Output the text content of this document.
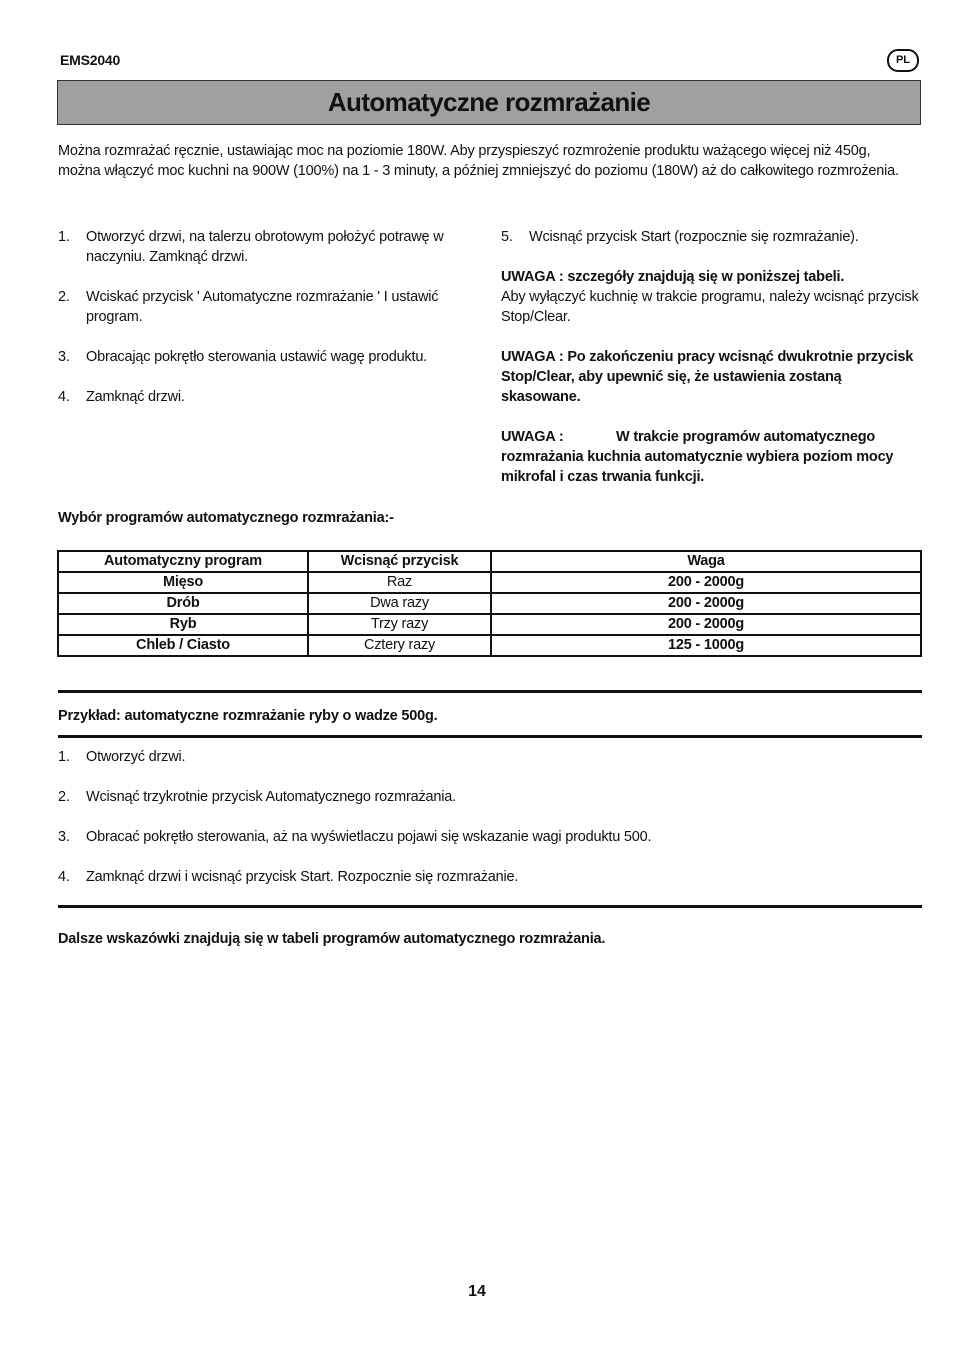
EMS2040	PL
Automatyczne rozmrażanie
Można rozmrażać ręcznie, ustawiając moc na poziomie 180W. Aby przyspieszyć rozmrożenie produktu ważącego więcej niż 450g, można włączyć moc kuchni na 900W (100%) na 1 - 3 minuty, a później zmniejszyć do poziomu (180W) aż do całkowitego rozmrożenia.
1.	Otworzyć drzwi, na talerzu obrotowym położyć potrawę w naczyniu. Zamknąć drzwi.
2.	Wciskać przycisk ' Automatyczne rozmrażanie ' I ustawić program.
3.	Obracając pokrętło sterowania ustawić wagę produktu.
4.	Zamknąć drzwi.
5.	Wcisnąć przycisk Start (rozpocznie się rozmrażanie).
UWAGA : szczegóły znajdują się w poniższej tabeli.
Aby wyłączyć kuchnię w trakcie programu, należy wcisnąć przycisk Stop/Clear.
UWAGA : Po zakończeniu pracy wcisnąć dwukrotnie przycisk Stop/Clear, aby upewnić się, że ustawienia zostaną skasowane.
UWAGA :	W trakcie programów automatycznego rozmrażania kuchnia automatycznie wybiera poziom mocy mikrofal i czas trwania funkcji.
Wybór programów automatycznego rozmrażania:-
Automatyczny program	Wcisnąć przycisk	Waga
Mięso	Raz	200 - 2000g
Drób	Dwa razy	200 - 2000g
Ryb	Trzy razy	200 - 2000g
Chleb / Ciasto	Cztery razy	125 - 1000g
Przykład: automatyczne rozmrażanie ryby o wadze 500g.
1.	Otworzyć drzwi.
2.	Wcisnąć trzykrotnie przycisk Automatycznego rozmrażania.
3.	Obracać pokrętło sterowania, aż na wyświetlaczu pojawi się wskazanie wagi produktu 500.
4.	Zamknąć drzwi i wcisnąć przycisk Start. Rozpocznie się rozmrażanie.
Dalsze wskazówki znajdują się w tabeli programów automatycznego rozmrażania.
14
